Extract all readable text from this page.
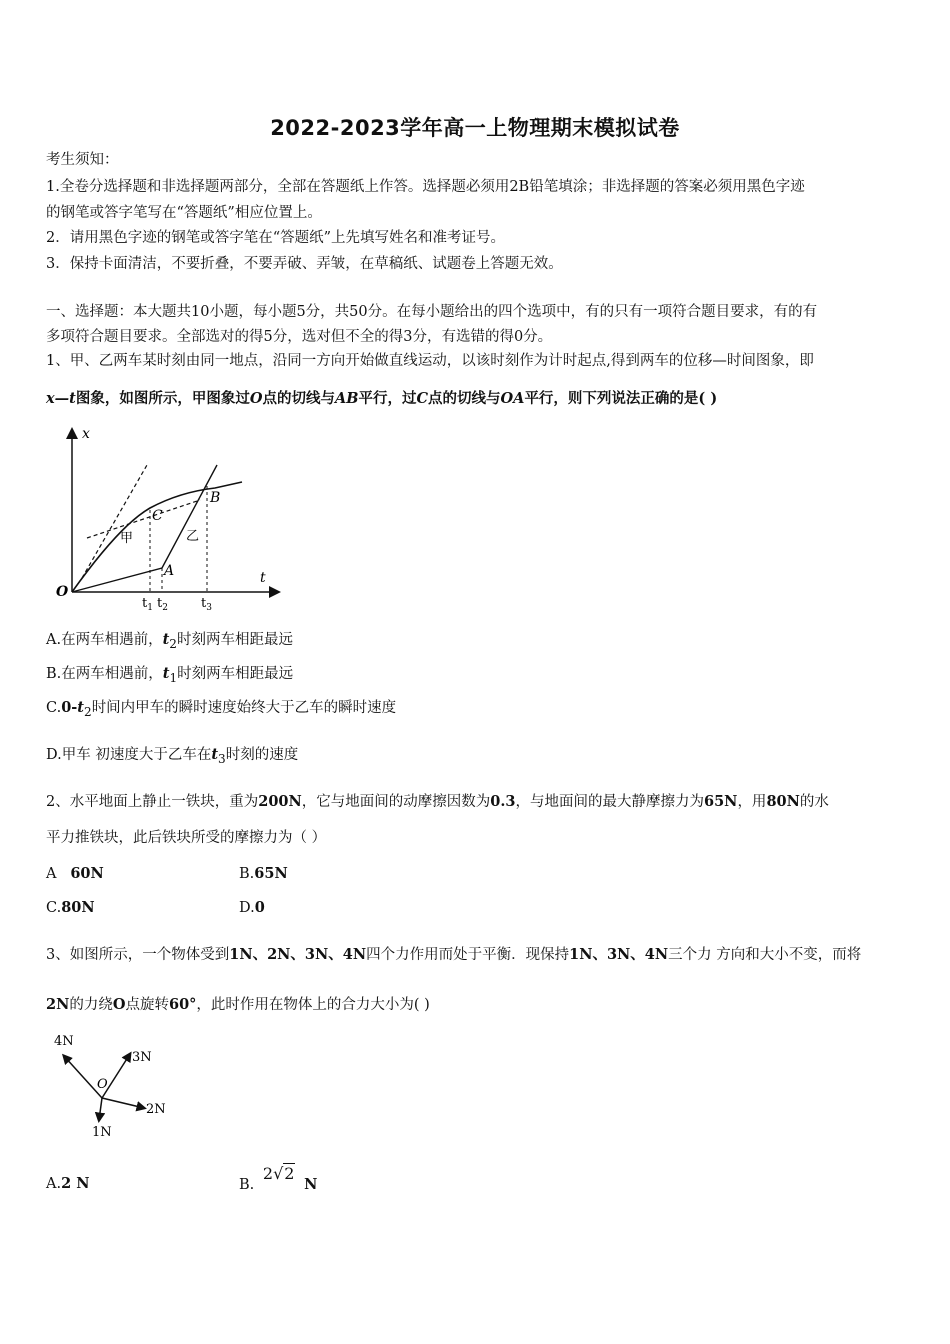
2022-2023学年高一上物理期末模拟试卷
考生须知：
1.全卷分选择题和非选择题两部分，全部在答题纸上作答。选择题必须用2B铅笔填涂；非选择题的答案必须用黑色字迹
的钢笔或答字笔写在“答题纸”相应位置上。
2．请用黑色字迹的钢笔或答字笔在“答题纸”上先填写姓名和准考证号。
3．保持卡面清洁，不要折叠，不要弄破、弄皱，在草稿纸、试题卷上答题无效。
一、选择题：本大题共10小题，每小题5分，共50分。在每小题给出的四个选项中，有的只有一项符合题目要求，有的有
多项符合题目要求。全部选对的得5分，选对但不全的得3分，有选错的得0分。
1、甲、乙两车某时刻由同一地点，沿同一方向开始做直线运动，以该时刻作为计时起点,得到两车的位移—时间图象，即
x—t图象，如图所示，甲图象过O点的切线与AB平行，过C点的切线与OA平行，则下列说法正确的是( )
x
t
O
A
B
C
甲	乙
$t_1$ $t_2$	$t_3$
A.在两车相遇前，$t_2$时刻两车相距最远
B.在两车相遇前，$t_1$时刻两车相距最远
$C.0-t_2$时间内甲车的瞬时速度始终大于乙车的瞬时速度
D.甲车 初速度大于乙车在$t_3$时刻的速度
2、水平地面上静止一铁块，重为200N，它与地面间的动摩擦因数为0.3，与地面间的最大静摩擦力为65N，用80N的水
平力推铁块，此后铁块所受的摩擦力为（ ）
A 60N	B.65N
C.80N	D.0
3、如图所示，一个物体受到1N、2N、3N、4N四个力作用而处于平衡．现保持1N、3N、4N三个力 方向和大小不变，而将
2N的力绕O点旋转60°，此时作用在物体上的合力大小为( )
4N
3N
2N
1N
O
A.2 N	B. 2√2 N
